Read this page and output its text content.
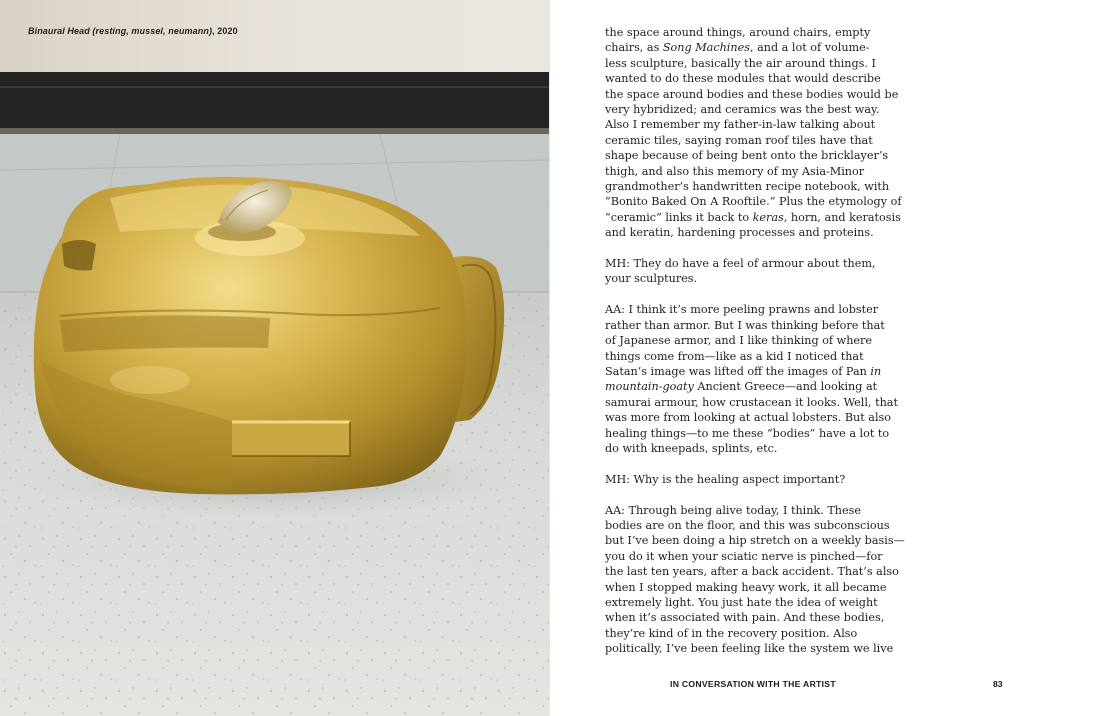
Binaural Head (resting, mussel, neumann), 2020	the space around things, around chairs, empty
chairs, as Song Machines, and a lot of volume-
less sculpture, basically the air around things. I
wanted to do these modules that would describe
the space around bodies and these bodies would be
very hybridized; and ceramics was the best way.
Also I remember my father-in-law talking about
ceramic tiles, saying roman roof tiles have that
shape because of being bent onto the bricklayer’s
thigh, and also this memory of my Asia-Minor
grandmother’s handwritten recipe notebook, with
“Bonito Baked On A Rooftile.” Plus the etymology of
“ceramic” links it back to keras, horn, and keratosis
and keratin, hardening processes and proteins.

MH: They do have a feel of armour about them,
your sculptures.

AA: I think it’s more peeling prawns and lobster
rather than armor. But I was thinking before that
of Japanese armor, and I like thinking of where
things come from—like as a kid I noticed that
Satan’s image was lifted off the images of Pan in
mountain-goaty Ancient Greece—and looking at
samurai armour, how crustacean it looks. Well, that
was more from looking at actual lobsters. But also
healing things—to me these “bodies” have a lot to
do with kneepads, splints, etc.

MH: Why is the healing aspect important?

AA: Through being alive today, I think. These
bodies are on the floor, and this was subconscious
but I’ve been doing a hip stretch on a weekly basis—
you do it when your sciatic nerve is pinched—for
the last ten years, after a back accident. That’s also
when I stopped making heavy work, it all became
extremely light. You just hate the idea of weight
when it’s associated with pain. And these bodies,
they’re kind of in the recovery position. Also
politically, I’ve been feeling like the system we live

IN CONVERSATION WITH THE ARTIST	83
